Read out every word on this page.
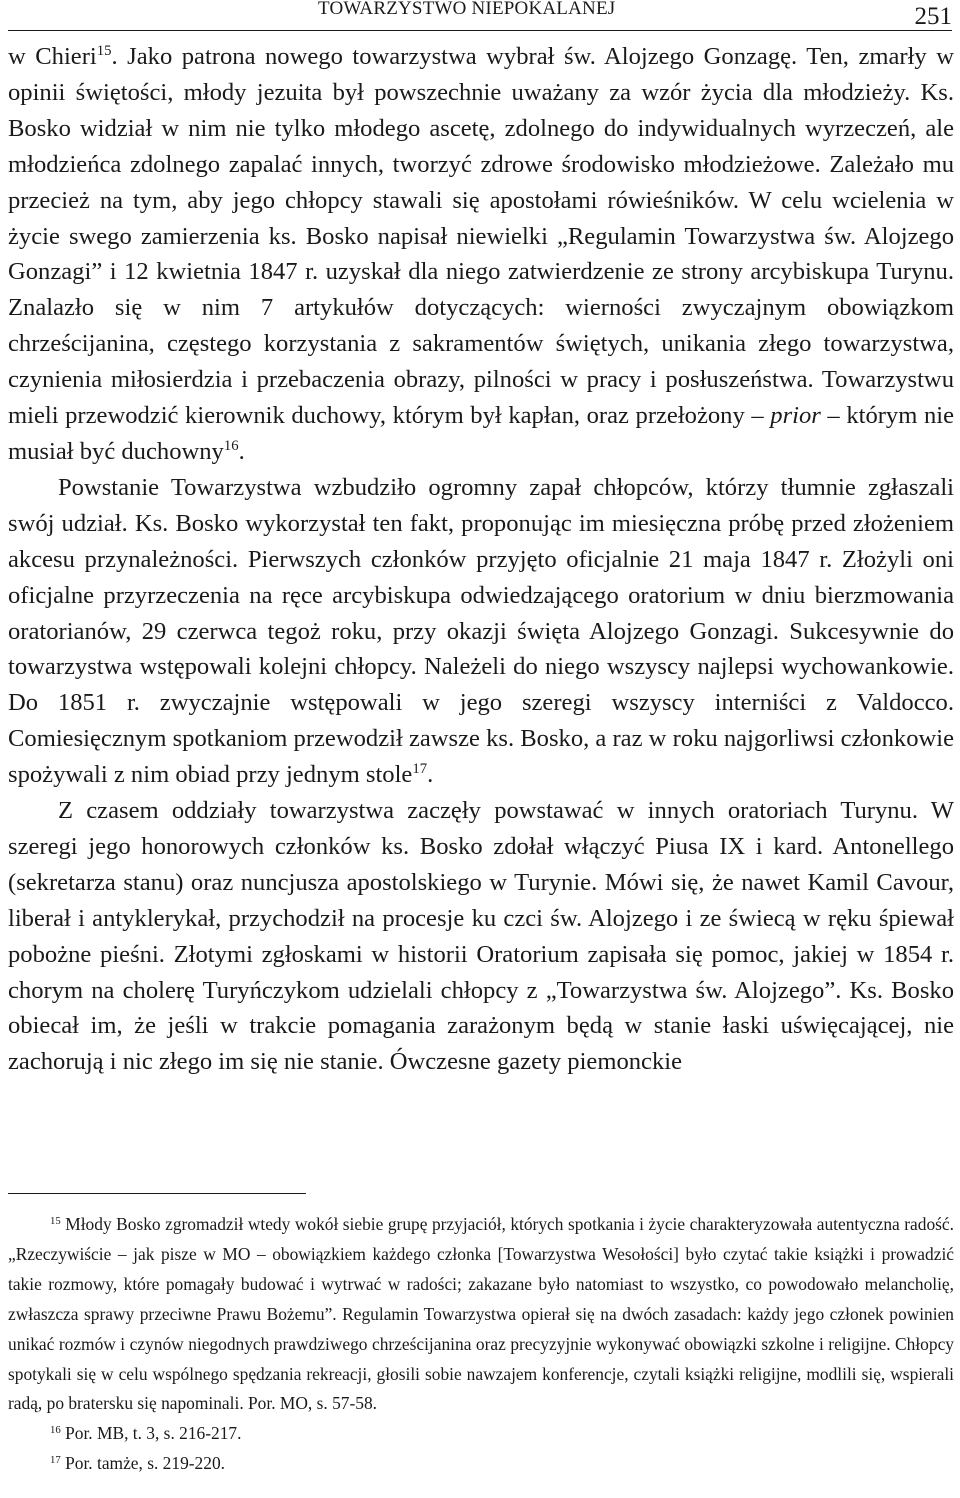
TOWARZYSTWO NIEPOKALANEJ	251

w Chieri$^{15}$. Jako patrona nowego towarzystwa wybrał św. Alojzego Gonzagę. Ten, zmarły w opinii świętości, młody jezuita był powszechnie uważany za wzór życia dla młodzieży. Ks. Bosko widział w nim nie tylko młodego ascetę, zdolnego do indywidualnych wyrzeczeń, ale młodzieńca zdolnego zapalać innych, tworzyć zdrowe środowisko młodzieżowe. Zależało mu przecież na tym, aby jego chłopcy stawali się apostołami rówieśników. W celu wcielenia w życie swego zamierzenia ks. Bosko napisał niewielki „Regulamin Towarzystwa św. Alojzego Gonzagi” i 12 kwietnia 1847 r. uzyskał dla niego zatwierdzenie ze strony arcybiskupa Turynu. Znalazło się w nim 7 artykułów dotyczących: wierności zwyczajnym obowiązkom chrześcijanina, częstego korzystania z sakramentów świętych, unikania złego towarzystwa, czynienia miłosierdzia i przebaczenia obrazy, pilności w pracy i posłuszeństwa. Towarzystwu mieli przewodzić kierownik duchowy, którym był kapłan, oraz przełożony – prior – którym nie musiał być duchowny$^{16}$.

Powstanie Towarzystwa wzbudziło ogromny zapał chłopców, którzy tłumnie zgłaszali swój udział. Ks. Bosko wykorzystał ten fakt, proponując im miesięczna próbę przed złożeniem akcesu przynależności. Pierwszych członków przyjęto oficjalnie 21 maja 1847 r. Złożyli oni oficjalne przyrzeczenia na ręce arcybiskupa odwiedzającego oratorium w dniu bierzmowania oratorianów, 29 czerwca tegoż roku, przy okazji święta Alojzego Gonzagi. Sukcesywnie do towarzystwa wstępowali kolejni chłopcy. Należeli do niego wszyscy najlepsi wychowankowie. Do 1851 r. zwyczajnie wstępowali w jego szeregi wszyscy interniści z Valdocco. Comiesięcznym spotkaniom przewodził zawsze ks. Bosko, a raz w roku najgorliwsi członkowie spożywali z nim obiad przy jednym stole$^{17}$.

Z czasem oddziały towarzystwa zaczęły powstawać w innych oratoriach Turynu. W szeregi jego honorowych członków ks. Bosko zdołał włączyć Piusa IX i kard. Antonellego (sekretarza stanu) oraz nuncjusza apostolskiego w Turynie. Mówi się, że nawet Kamil Cavour, liberał i antyklerykał, przychodził na procesje ku czci św. Alojzego i ze świecą w ręku śpiewał pobożne pieśni. Złotymi zgłoskami w historii Oratorium zapisała się pomoc, jakiej w 1854 r. chorym na cholerę Turyńczykom udzielali chłopcy z „Towarzystwa św. Alojzego”. Ks. Bosko obiecał im, że jeśli w trakcie pomagania zarażonym będą w stanie łaski uświęcającej, nie zachorują i nic złego im się nie stanie. Ówczesne gazety piemonckie

$^{15}$ Młody Bosko zgromadził wtedy wokół siebie grupę przyjaciół, których spotkania i życie charakteryzowała autentyczna radość. „Rzeczywiście – jak pisze w MO – obowiązkiem każdego członka [Towarzystwa Wesołości] było czytać takie książki i prowadzić takie rozmowy, które pomagały budować i wytrwać w radości; zakazane było natomiast to wszystko, co powodowało melancholię, zwłaszcza sprawy przeciwne Prawu Bożemu”. Regulamin Towarzystwa opierał się na dwóch zasadach: każdy jego członek powinien unikać rozmów i czynów niegodnych prawdziwego chrześcijanina oraz precyzyjnie wykonywać obowiązki szkolne i religijne. Chłopcy spotykali się w celu wspólnego spędzania rekreacji, głosili sobie nawzajem konferencje, czytali książki religijne, modlili się, wspierali radą, po bratersku się napominali. Por. MO, s. 57-58.

$^{16}$ Por. MB, t. 3, s. 216-217.

$^{17}$ Por. tamże, s. 219-220.
